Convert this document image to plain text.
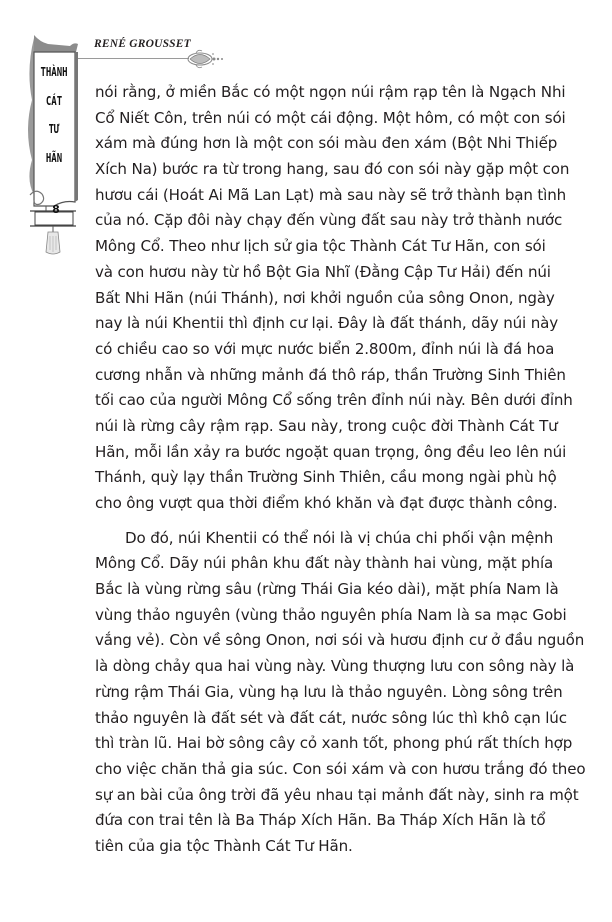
RENÉ GROUSSET
THÀNH
CÁT
TƯ
HÃN
8
nói rằng, ở miền Bắc có một ngọn núi rậm rạp tên là Ngạch Nhi
Cổ Niết Côn, trên núi có một cái động. Một hôm, có một con sói
xám mà đúng hơn là một con sói màu đen xám (Bột Nhi Thiếp
Xích Na) bước ra từ trong hang, sau đó con sói này gặp một con
hươu cái (Hoát Ai Mã Lan Lạt) mà sau này sẽ trở thành bạn tình
của nó. Cặp đôi này chạy đến vùng đất sau này trở thành nước
Mông Cổ. Theo như lịch sử gia tộc Thành Cát Tư Hãn, con sói
và con hươu này từ hồ Bột Gia Nhĩ (Đằng Cập Tư Hải) đến núi
Bất Nhi Hãn (núi Thánh), nơi khởi nguồn của sông Onon, ngày
nay là núi Khentii thì định cư lại. Đây là đất thánh, dãy núi này
có chiều cao so với mực nước biển 2.800m, đỉnh núi là đá hoa
cương nhẫn và những mảnh đá thô ráp, thần Trường Sinh Thiên
tối cao của người Mông Cổ sống trên đỉnh núi này. Bên dưới đỉnh
núi là rừng cây rậm rạp. Sau này, trong cuộc đời Thành Cát Tư
Hãn, mỗi lần xảy ra bước ngoặt quan trọng, ông đều leo lên núi
Thánh, quỳ lạy thần Trường Sinh Thiên, cầu mong ngài phù hộ
cho ông vượt qua thời điểm khó khăn và đạt được thành công.
Do đó, núi Khentii có thể nói là vị chúa chi phối vận mệnh
Mông Cổ. Dãy núi phân khu đất này thành hai vùng, mặt phía
Bắc là vùng rừng sâu (rừng Thái Gia kéo dài), mặt phía Nam là
vùng thảo nguyên (vùng thảo nguyên phía Nam là sa mạc Gobi
vắng vẻ). Còn về sông Onon, nơi sói và hươu định cư ở đầu nguồn
là dòng chảy qua hai vùng này. Vùng thượng lưu con sông này là
rừng rậm Thái Gia, vùng hạ lưu là thảo nguyên. Lòng sông trên
thảo nguyên là đất sét và đất cát, nước sông lúc thì khô cạn lúc
thì tràn lũ. Hai bờ sông cây cỏ xanh tốt, phong phú rất thích hợp
cho việc chăn thả gia súc. Con sói xám và con hươu trắng đó theo
sự an bài của ông trời đã yêu nhau tại mảnh đất này, sinh ra một
đứa con trai tên là Ba Tháp Xích Hãn. Ba Tháp Xích Hãn là tổ
tiên của gia tộc Thành Cát Tư Hãn.
